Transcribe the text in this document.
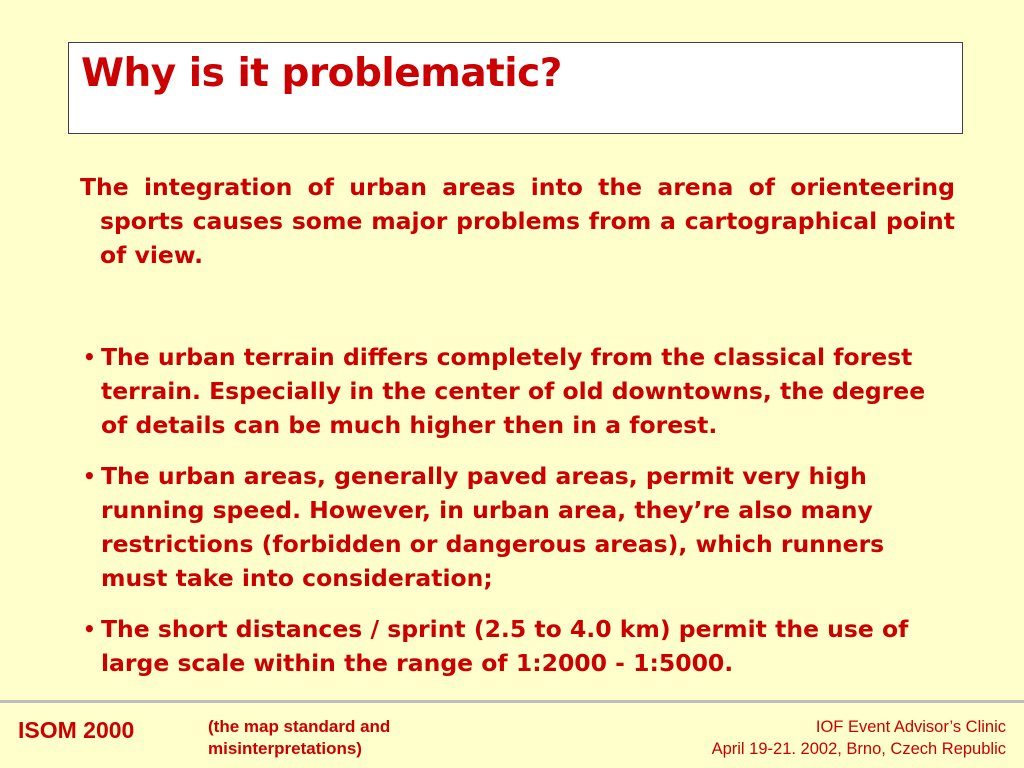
Why is it problematic?

The integration of urban areas into the arena of orienteering sports causes some major problems from a cartographical point of view.

• The urban terrain differs completely from the classical forest terrain. Especially in the center of old downtowns, the degree of details can be much higher then in a forest.
• The urban areas, generally paved areas, permit very high running speed. However, in urban area, they’re also many restrictions (forbidden or dangerous areas), which runners must take into consideration;
• The short distances / sprint (2.5 to 4.0 km) permit the use of large scale within the range of 1:2000 - 1:5000.
ISOM 2000	(the map standard and
misinterpretations)
IOF Event Advisor’s Clinic
April 19-21. 2002, Brno, Czech Republic
